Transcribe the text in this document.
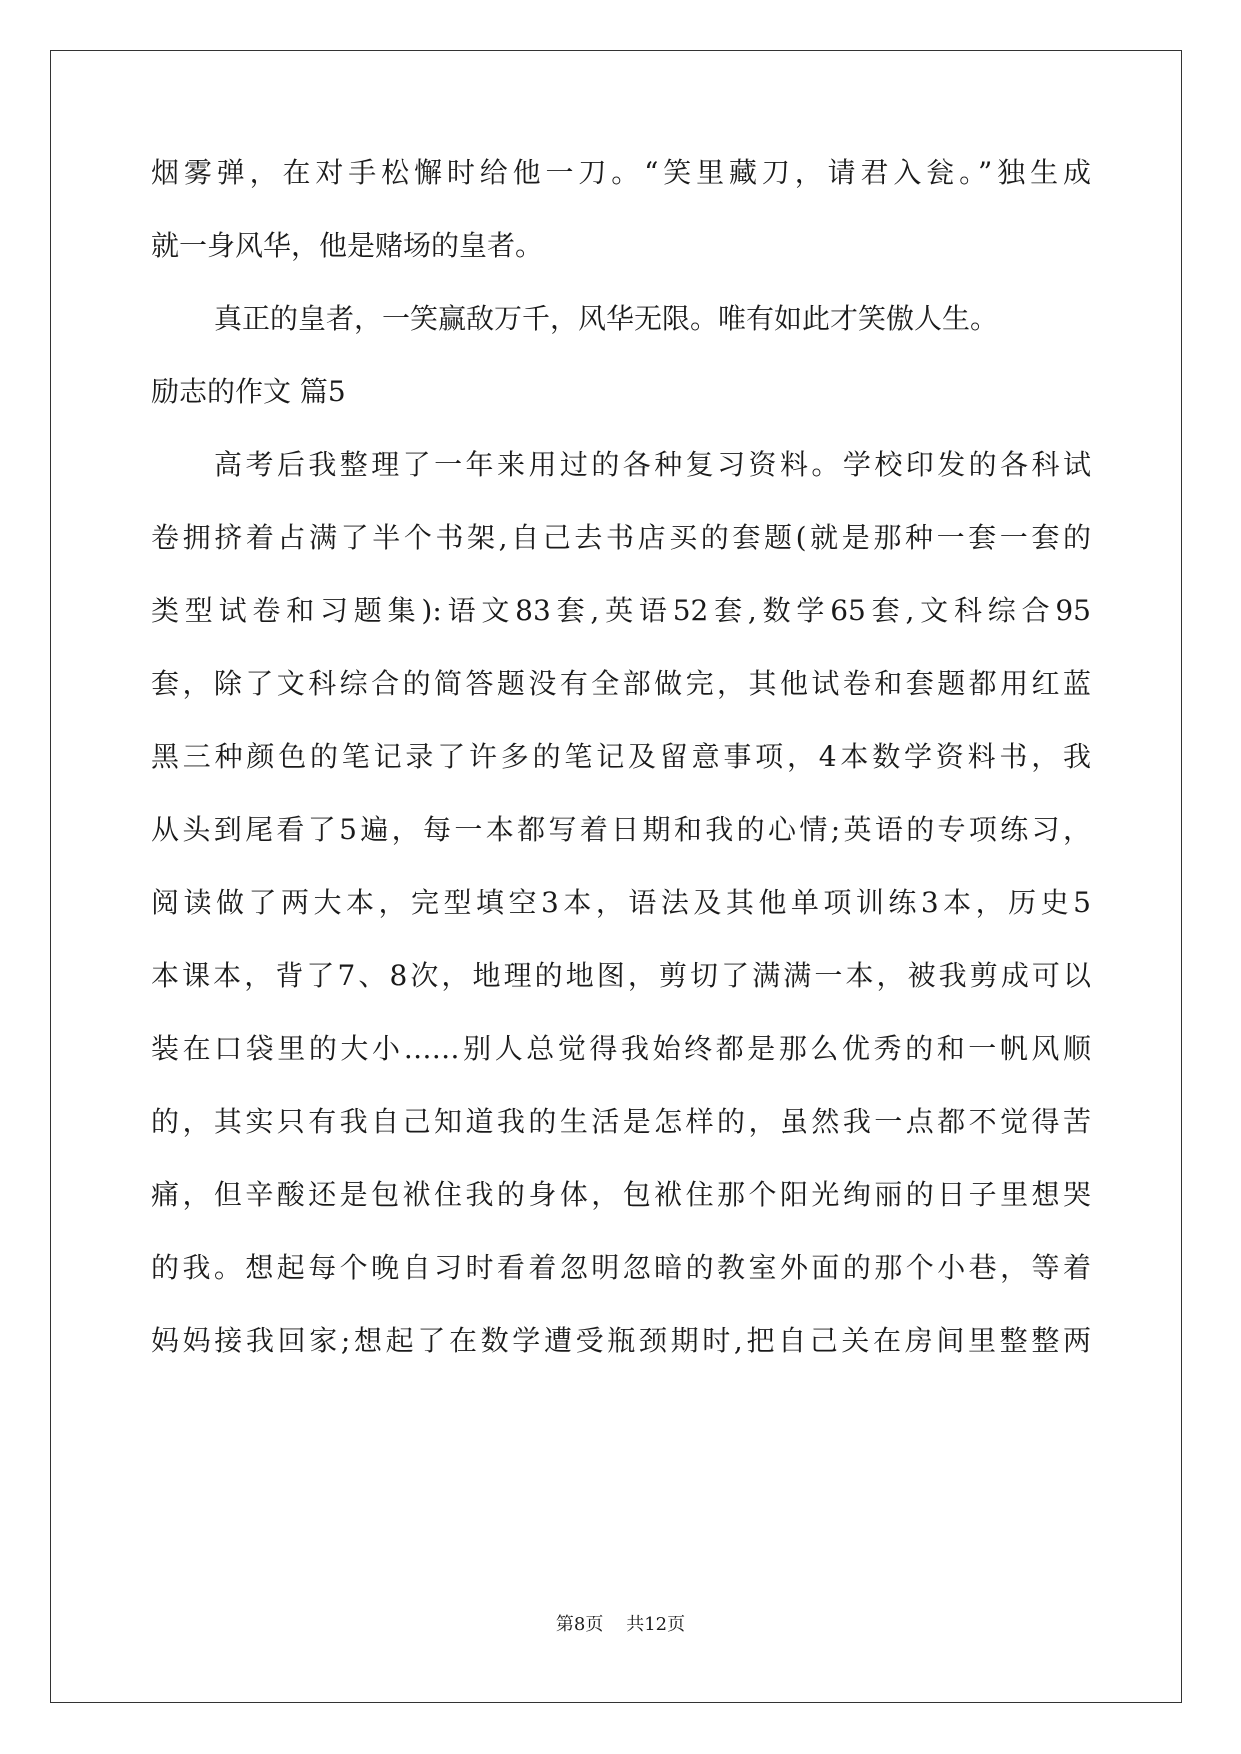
烟雾弹，在对手松懈时给他一刀。“笑里藏刀，请君入瓮。”独生成
就一身风华，他是赌场的皇者。
真正的皇者，一笑赢敌万千，风华无限。唯有如此才笑傲人生。
励志的作文 篇5
高考后我整理了一年来用过的各种复习资料。学校印发的各科试
卷拥挤着占满了半个书架,自己去书店买的套题(就是那种一套一套的
类型试卷和习题集):语文83套,英语52套,数学65套,文科综合95
套，除了文科综合的简答题没有全部做完，其他试卷和套题都用红蓝
黑三种颜色的笔记录了许多的笔记及留意事项，4本数学资料书，我
从头到尾看了5遍，每一本都写着日期和我的心情;英语的专项练习，
阅读做了两大本，完型填空3本，语法及其他单项训练3本，历史5
本课本，背了7、8次，地理的地图，剪切了满满一本，被我剪成可以
装在口袋里的大小……别人总觉得我始终都是那么优秀的和一帆风顺
的，其实只有我自己知道我的生活是怎样的，虽然我一点都不觉得苦
痛，但辛酸还是包袱住我的身体，包袱住那个阳光绚丽的日子里想哭
的我。想起每个晚自习时看着忽明忽暗的教室外面的那个小巷，等着
妈妈接我回家;想起了在数学遭受瓶颈期时,把自己关在房间里整整两
第8页 共12页
